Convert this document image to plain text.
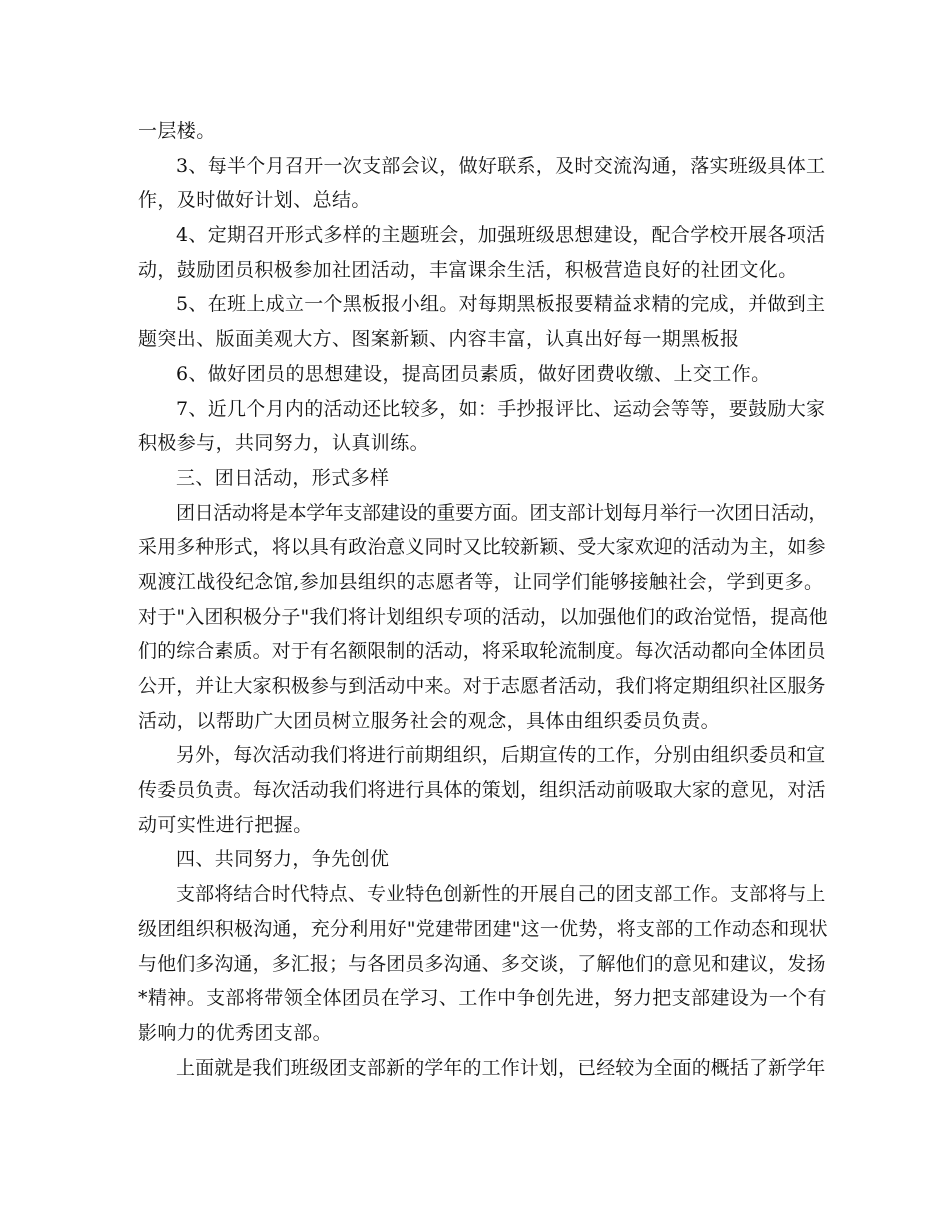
一层楼。
3、每半个月召开一次支部会议，做好联系，及时交流沟通，落实班级具体工
作，及时做好计划、总结。
4、定期召开形式多样的主题班会，加强班级思想建设，配合学校开展各项活
动，鼓励团员积极参加社团活动，丰富课余生活，积极营造良好的社团文化。
5、在班上成立一个黑板报小组。对每期黑板报要精益求精的完成，并做到主
题突出、版面美观大方、图案新颖、内容丰富，认真出好每一期黑板报
6、做好团员的思想建设，提高团员素质，做好团费收缴、上交工作。
7、近几个月内的活动还比较多，如：手抄报评比、运动会等等，要鼓励大家
积极参与，共同努力，认真训练。
三、团日活动，形式多样
团日活动将是本学年支部建设的重要方面。团支部计划每月举行一次团日活动，
采用多种形式，将以具有政治意义同时又比较新颖、受大家欢迎的活动为主，如参
观渡江战役纪念馆,参加县组织的志愿者等，让同学们能够接触社会，学到更多。
对于"入团积极分子"我们将计划组织专项的活动，以加强他们的政治觉悟，提高他
们的综合素质。对于有名额限制的活动，将采取轮流制度。每次活动都向全体团员
公开，并让大家积极参与到活动中来。对于志愿者活动，我们将定期组织社区服务
活动，以帮助广大团员树立服务社会的观念，具体由组织委员负责。
另外，每次活动我们将进行前期组织，后期宣传的工作，分别由组织委员和宣
传委员负责。每次活动我们将进行具体的策划，组织活动前吸取大家的意见，对活
动可实性进行把握。
四、共同努力，争先创优
支部将结合时代特点、专业特色创新性的开展自己的团支部工作。支部将与上
级团组织积极沟通，充分利用好"党建带团建"这一优势，将支部的工作动态和现状
与他们多沟通，多汇报；与各团员多沟通、多交谈，了解他们的意见和建议，发扬
*精神。支部将带领全体团员在学习、工作中争创先进，努力把支部建设为一个有
影响力的优秀团支部。
上面就是我们班级团支部新的学年的工作计划，已经较为全面的概括了新学年
